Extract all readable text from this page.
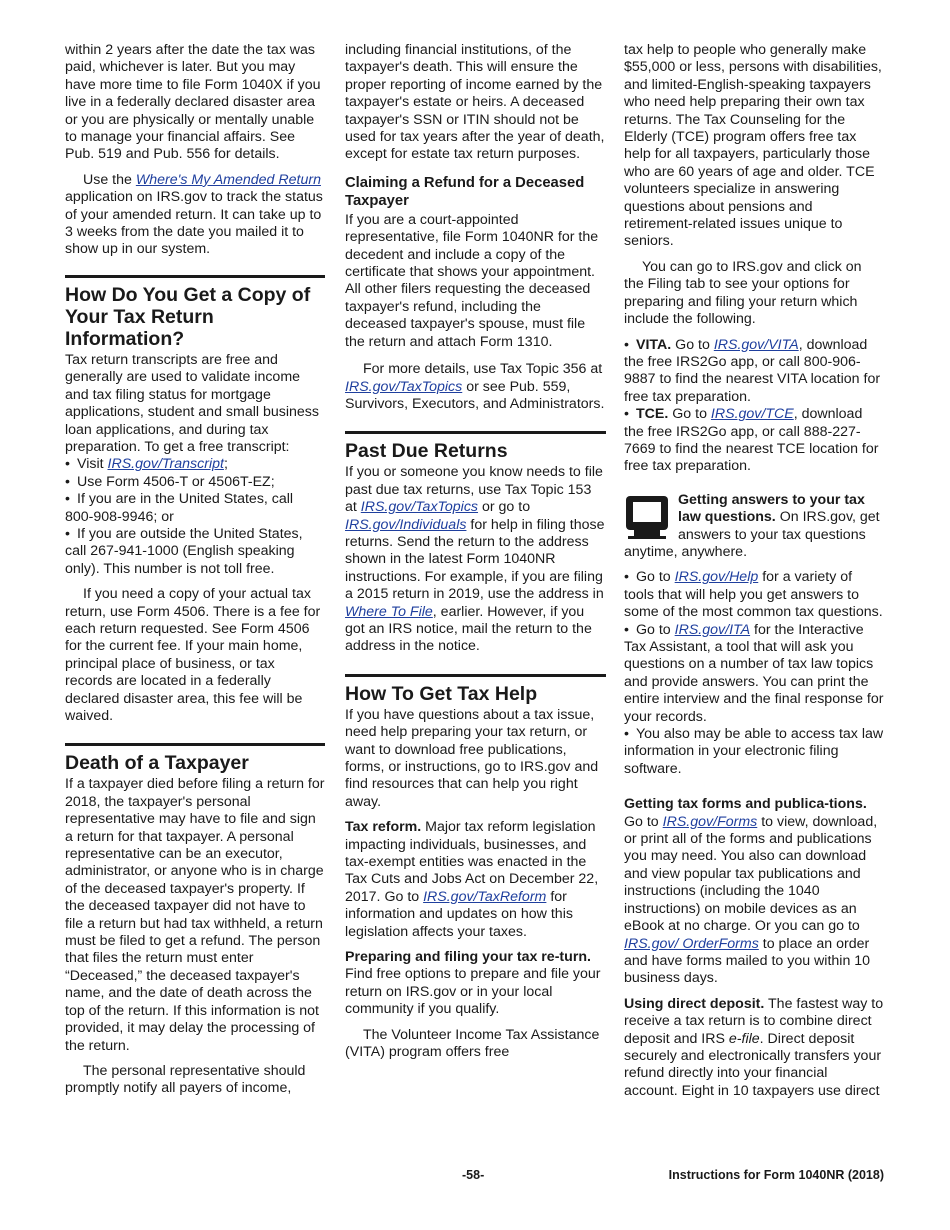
within 2 years after the date the tax was paid, whichever is later. But you may have more time to file Form 1040X if you live in a federally declared disaster area or you are physically or mentally unable to manage your financial affairs. See Pub. 519 and Pub. 556 for details.

Use the Where's My Amended Return application on IRS.gov to track the status of your amended return. It can take up to 3 weeks from the date you mailed it to show up in our system.

How Do You Get a Copy of Your Tax Return Information?

Tax return transcripts are free and generally are used to validate income and tax filing status for mortgage applications, student and small business loan applications, and during tax preparation. To get a free transcript:

• Visit IRS.gov/Transcript;

• Use Form 4506-T or 4506T-EZ;

• If you are in the United States, call 800-908-9946; or

• If you are outside the United States, call 267-941-1000 (English speaking only). This number is not toll free.

If you need a copy of your actual tax return, use Form 4506. There is a fee for each return requested. See Form 4506 for the current fee. If your main home, principal place of business, or tax records are located in a federally declared disaster area, this fee will be waived.

Death of a Taxpayer

If a taxpayer died before filing a return for 2018, the taxpayer's personal representative may have to file and sign a return for that taxpayer. A personal representative can be an executor, administrator, or anyone who is in charge of the deceased taxpayer's property. If the deceased taxpayer did not have to file a return but had tax withheld, a return must be filed to get a refund. The person that files the return must enter “Deceased,” the deceased taxpayer's name, and the date of death across the top of the return. If this information is not provided, it may delay the processing of the return.

The personal representative should promptly notify all payers of income,

including financial institutions, of the taxpayer's death. This will ensure the proper reporting of income earned by the taxpayer's estate or heirs. A deceased taxpayer's SSN or ITIN should not be used for tax years after the year of death, except for estate tax return purposes.

Claiming a Refund for a Deceased Taxpayer

If you are a court-appointed representative, file Form 1040NR for the decedent and include a copy of the certificate that shows your appointment. All other filers requesting the deceased taxpayer's refund, including the deceased taxpayer's spouse, must file the return and attach Form 1310.

For more details, use Tax Topic 356 at IRS.gov/TaxTopics or see Pub. 559, Survivors, Executors, and Administrators.

Past Due Returns

If you or someone you know needs to file past due tax returns, use Tax Topic 153 at IRS.gov/TaxTopics or go to IRS.gov/Individuals for help in filing those returns. Send the return to the address shown in the latest Form 1040NR instructions. For example, if you are filing a 2015 return in 2019, use the address in Where To File, earlier. However, if you got an IRS notice, mail the return to the address in the notice.

How To Get Tax Help

If you have questions about a tax issue, need help preparing your tax return, or want to download free publications, forms, or instructions, go to IRS.gov and find resources that can help you right away.

Tax reform. Major tax reform legislation impacting individuals, businesses, and tax-exempt entities was enacted in the Tax Cuts and Jobs Act on December 22, 2017. Go to IRS.gov/TaxReform for information and updates on how this legislation affects your taxes.

Preparing and filing your tax re-turn. Find free options to prepare and file your return on IRS.gov or in your local community if you qualify.

The Volunteer Income Tax Assistance (VITA) program offers free

tax help to people who generally make $55,000 or less, persons with disabilities, and limited-English-speaking taxpayers who need help preparing their own tax returns. The Tax Counseling for the Elderly (TCE) program offers free tax help for all taxpayers, particularly those who are 60 years of age and older. TCE volunteers specialize in answering questions about pensions and retirement-related issues unique to seniors.

You can go to IRS.gov and click on the Filing tab to see your options for preparing and filing your return which include the following.

• VITA. Go to IRS.gov/VITA, download the free IRS2Go app, or call 800-906-9887 to find the nearest VITA location for free tax preparation.

• TCE. Go to IRS.gov/TCE, download the free IRS2Go app, or call 888-227-7669 to find the nearest TCE location for free tax preparation.

Getting answers to your tax law questions. On IRS.gov, get answers to your tax questions anytime, anywhere.

• Go to IRS.gov/Help for a variety of tools that will help you get answers to some of the most common tax questions.

• Go to IRS.gov/ITA for the Interactive Tax Assistant, a tool that will ask you questions on a number of tax law topics and provide answers. You can print the entire interview and the final response for your records.

• You also may be able to access tax law information in your electronic filing software.

Getting tax forms and publica-tions. Go to IRS.gov/Forms to view, download, or print all of the forms and publications you may need. You also can download and view popular tax publications and instructions (including the 1040 instructions) on mobile devices as an eBook at no charge. Or you can go to IRS.gov/ OrderForms to place an order and have forms mailed to you within 10 business days.

Using direct deposit. The fastest way to receive a tax return is to combine direct deposit and IRS e-file. Direct deposit securely and electronically transfers your refund directly into your financial account. Eight in 10 taxpayers use direct

-58-	Instructions for Form 1040NR (2018)
